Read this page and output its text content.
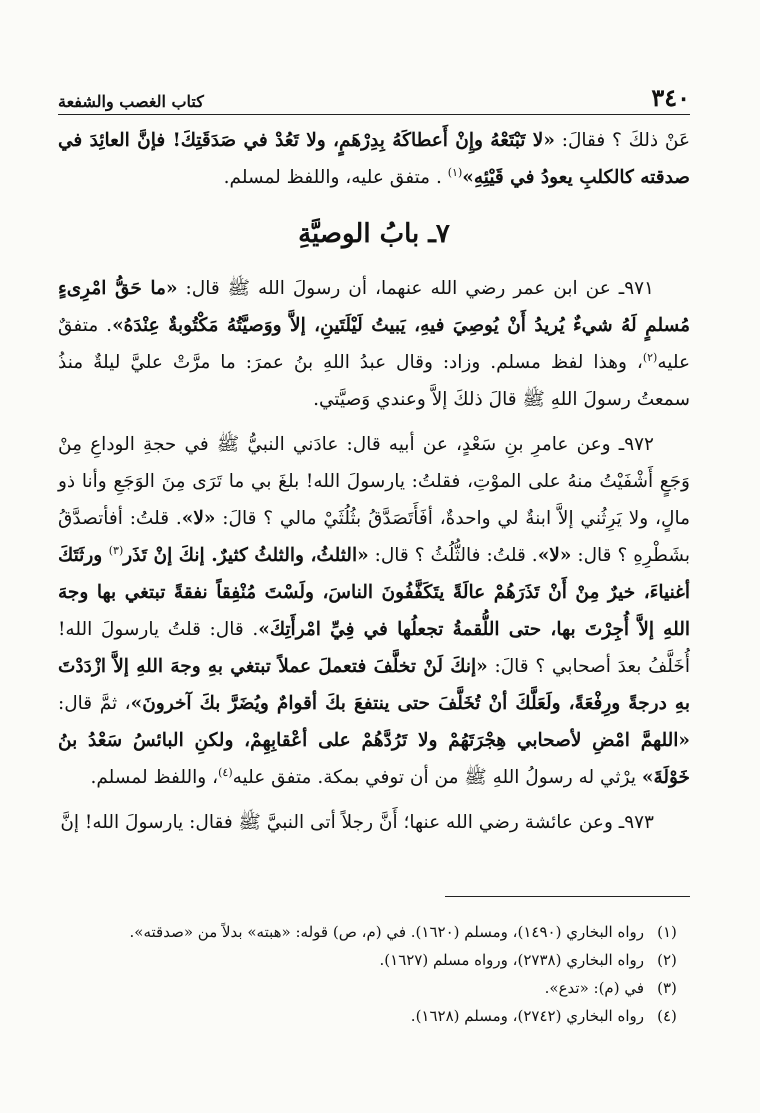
٣٤٠
كتاب الغصب والشفعة

عَنْ ذلكَ ؟ فقالَ: «لا تَبْتَعْهُ وإِنْ أَعطاكَهُ بِدِرْهَمٍ، ولا تَعُدْ في صَدَقَتِكَ! فإنَّ العائِدَ في صدقته كالكلبِ يعودُ في قَيْئِهِ»$^{(١)}$ . متفق عليه، واللفظ لمسلم.

٧ـ بابُ الوصيَّةِ

٩٧١ـ عن ابن عمر رضي الله عنهما، أن رسولَ الله ﷺ قال: «ما حَقُّ امْرِىءٍ مُسلمٍ لَهُ شيءٌ يُريدُ أَنْ يُوصِيَ فيهِ، يَبيتُ لَيْلَتَينِ، إلاَّ ووَصيَّتُهُ مَكْتُوبةٌ عِنْدَهُ». متفقٌ عليه$^{(٢)}$، وهذا لفظ مسلم. وزاد: وقال عبدُ اللهِ بنُ عمرَ: ما مرَّتْ عليَّ ليلةٌ منذُ سمعتُ رسولَ اللهِ ﷺ قالَ ذلكَ إلاَّ وعندي وَصيَّتي.

٩٧٢ـ وعن عامرِ بنِ سَعْدٍ، عن أبيه قال: عادَني النبيُّ ﷺ في حجةِ الوداعِ مِنْ وَجَعٍ أَشْفَيْتُ منهُ على الموْتِ، فقلتُ: يارسولَ الله! بلغَ بي ما تَرَى مِنَ الوَجَعِ وأنا ذو مالٍ، ولا يَرِثُني إلاَّ ابنةٌ لي واحدةٌ، أفَأَتَصَدَّقُ بثُلُثَيْ مالي ؟ قالَ: «لا». قلتُ: أفأتصدَّقُ بشَطْرِهِ ؟ قال: «لا». قلتُ: فالثُّلُثُ ؟ قال: «الثلثُ، والثلثُ كثيرٌ. إنكَ إنْ تَذَر$^{(٣)}$ ورثَتَكَ أغنياءَ، خيرٌ مِنْ أَنْ تَذَرَهُمْ عالَةً يتَكَفَّفُونَ الناسَ، ولَسْتَ مُنْفِقاً نفقةً تبتغي بها وجهَ اللهِ إلاَّ أُجِرْتَ بها، حتى اللُّقمةُ تجعلُها في فِيِّ امْرأَتِكَ». قال: قلتُ يارسولَ الله! أُخَلَّفُ بعدَ أصحابي ؟ قالَ: «إنكَ لَنْ تخلَّفَ فتعملَ عملاً تبتغي بهِ وجهَ اللهِ إلاَّ ازْدَدْتَ بهِ درجةً ورِفْعَةً، ولَعَلَّكَ أنْ تُخَلَّفَ حتى ينتفعَ بكَ أقوامٌ ويُضَرَّ بكَ آخرونَ»، ثمَّ قال: «اللهمَّ امْضِ لأصحابي هِجْرَتَهُمْ ولا تَرُدَّهُمْ على أعْقابِهِمْ، ولكنِ البائسُ سَعْدُ بنُ خَوْلَةَ» يرْثي له رسولُ اللهِ ﷺ من أن توفي بمكة. متفق عليه$^{(٤)}$، واللفظ لمسلم.

٩٧٣ـ وعن عائشة رضي الله عنها؛ أَنَّ رجلاً أتى النبيَّ ﷺ فقال: يارسولَ الله! إنَّ

(١)
رواه البخاري (١٤٩٠)، ومسلم (١٦٢٠). في (م، ص) قوله: «هبته» بدلاً من «صدقته».
(٢)
رواه البخاري (٢٧٣٨)، ورواه مسلم (١٦٢٧).
(٣)
في (م): «تدع».
(٤)
رواه البخاري (٢٧٤٢)، ومسلم (١٦٢٨).
